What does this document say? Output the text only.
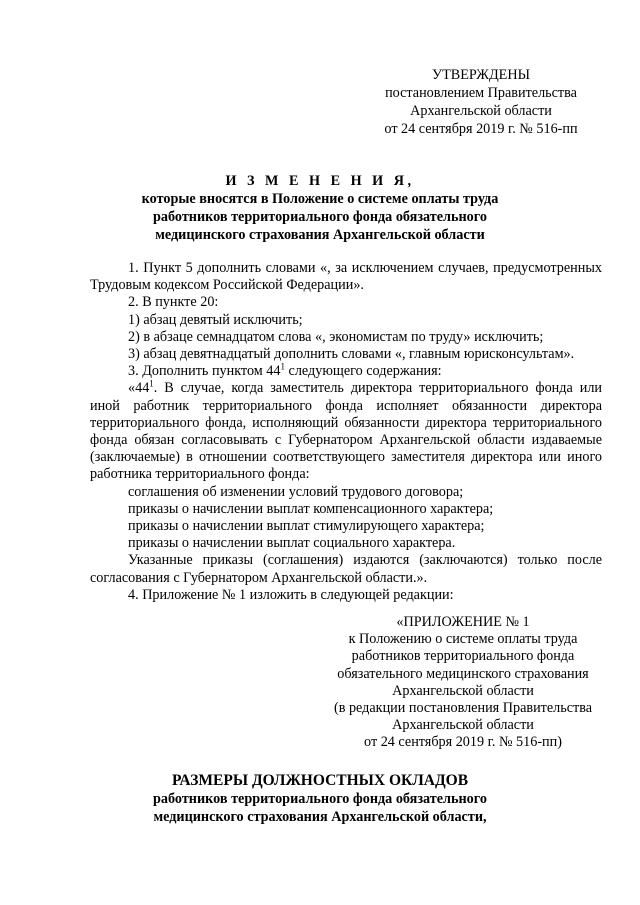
УТВЕРЖДЕНЫ
постановлением Правительства
Архангельской области
от 24 сентября 2019 г. № 516-пп
И З М Е Н Е Н И Я,
которые вносятся в Положение о системе оплаты труда
работников территориального фонда обязательного
медицинского страхования Архангельской области

1. Пункт 5 дополнить словами «, за исключением случаев, предусмотренных Трудовым кодексом Российской Федерации».

2. В пункте 20:

1) абзац девятый исключить;

2) в абзаце семнадцатом слова «, экономистам по труду» исключить;

3) абзац девятнадцатый дополнить словами «, главным юрисконсультам».

3. Дополнить пунктом $44^1$ следующего содержания:

«$44^1$. В случае, когда заместитель директора территориального фонда или иной работник территориального фонда исполняет обязанности директора территориального фонда, исполняющий обязанности директора территориального фонда обязан согласовывать с Губернатором Архангельской области издаваемые (заключаемые) в отношении соответствующего заместителя директора или иного работника территориального фонда:

соглашения об изменении условий трудового договора;

приказы о начислении выплат компенсационного характера;

приказы о начислении выплат стимулирующего характера;

приказы о начислении выплат социального характера.

Указанные приказы (соглашения) издаются (заключаются) только после согласования с Губернатором Архангельской области.».

4. Приложение № 1 изложить в следующей редакции:

«ПРИЛОЖЕНИЕ № 1
к Положению о системе оплаты труда
работников территориального фонда
обязательного медицинского страхования
Архангельской области
(в редакции постановления Правительства
Архангельской области
от 24 сентября 2019 г. № 516-пп)
РАЗМЕРЫ ДОЛЖНОСТНЫХ ОКЛАДОВ
работников территориального фонда обязательного
медицинского страхования Архангельской области,
